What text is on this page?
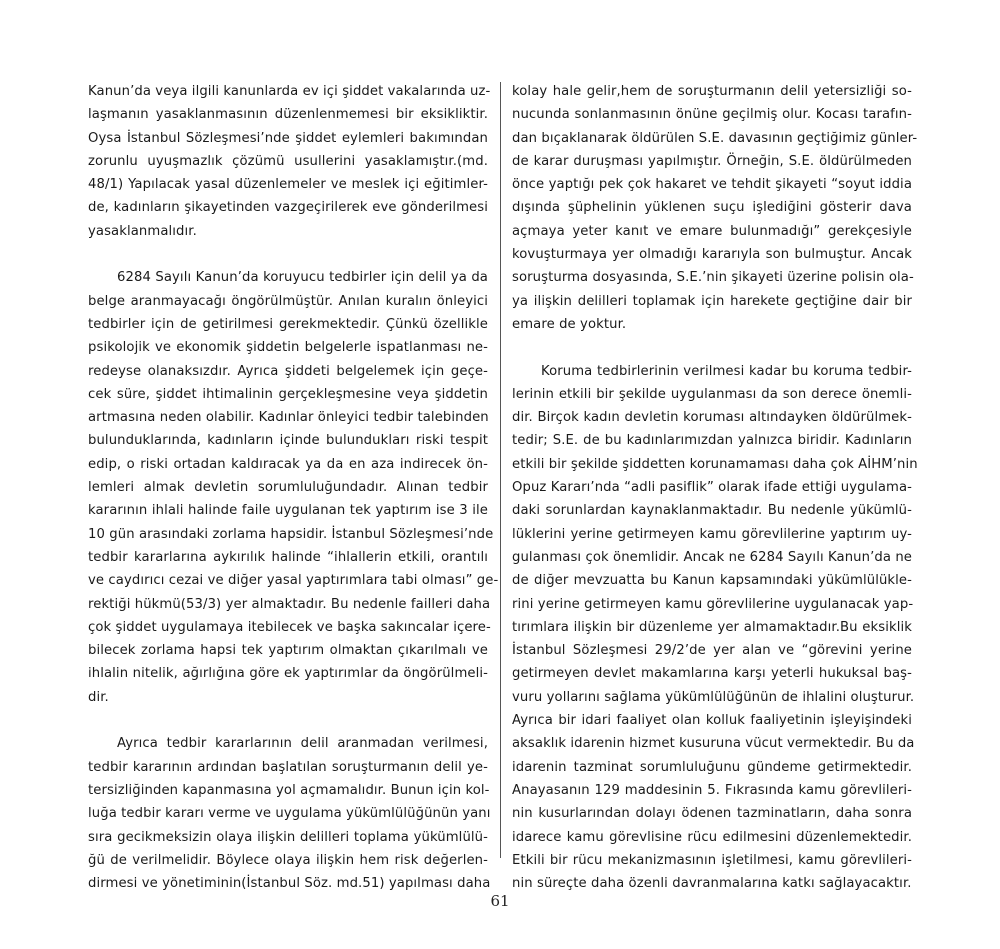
Kanun’da veya ilgili kanunlarda ev içi şiddet vakalarında uz-
laşmanın yasaklanmasının düzenlenmemesi bir eksikliktir.
Oysa İstanbul Sözleşmesi’nde şiddet eylemleri bakımından
zorunlu uyuşmazlık çözümü usullerini yasaklamıştır.(md.
48/1) Yapılacak yasal düzenlemeler ve meslek içi eğitimler-
de, kadınların şikayetinden vazgeçirilerek eve gönderilmesi
yasaklanmalıdır.
6284 Sayılı Kanun’da koruyucu tedbirler için delil ya da
belge aranmayacağı öngörülmüştür. Anılan kuralın önleyici
tedbirler için de getirilmesi gerekmektedir. Çünkü özellikle
psikolojik ve ekonomik şiddetin belgelerle ispatlanması ne-
redeyse olanaksızdır. Ayrıca şiddeti belgelemek için geçe-
cek süre, şiddet ihtimalinin gerçekleşmesine veya şiddetin
artmasına neden olabilir. Kadınlar önleyici tedbir talebinden
bulunduklarında, kadınların içinde bulundukları riski tespit
edip, o riski ortadan kaldıracak ya da en aza indirecek ön-
lemleri almak devletin sorumluluğundadır. Alınan tedbir
kararının ihlali halinde faile uygulanan tek yaptırım ise 3 ile
10 gün arasındaki zorlama hapsidir. İstanbul Sözleşmesi’nde
tedbir kararlarına aykırılık halinde “ihlallerin etkili, orantılı
ve caydırıcı cezai ve diğer yasal yaptırımlara tabi olması” ge-
rektiği hükmü(53/3) yer almaktadır. Bu nedenle failleri daha
çok şiddet uygulamaya itebilecek ve başka sakıncalar içere-
bilecek zorlama hapsi tek yaptırım olmaktan çıkarılmalı ve
ihlalin nitelik, ağırlığına göre ek yaptırımlar da öngörülmeli-
dir.
Ayrıca tedbir kararlarının delil aranmadan verilmesi,
tedbir kararının ardından başlatılan soruşturmanın delil ye-
tersizliğinden kapanmasına yol açmamalıdır. Bunun için kol-
luğa tedbir kararı verme ve uygulama yükümlülüğünün yanı
sıra gecikmeksizin olaya ilişkin delilleri toplama yükümlülü-
ğü de verilmelidir. Böylece olaya ilişkin hem risk değerlen-
dirmesi ve yönetiminin(İstanbul Söz. md.51) yapılması daha
kolay hale gelir,hem de soruşturmanın delil yetersizliği so-
nucunda sonlanmasının önüne geçilmiş olur. Kocası tarafın-
dan bıçaklanarak öldürülen S.E. davasının geçtiğimiz günler-
de karar duruşması yapılmıştır. Örneğin, S.E. öldürülmeden
önce yaptığı pek çok hakaret ve tehdit şikayeti “soyut iddia
dışında şüphelinin yüklenen suçu işlediğini gösterir dava
açmaya yeter kanıt ve emare bulunmadığı” gerekçesiyle
kovuşturmaya yer olmadığı kararıyla son bulmuştur. Ancak
soruşturma dosyasında, S.E.’nin şikayeti üzerine polisin ola-
ya ilişkin delilleri toplamak için harekete geçtiğine dair bir
emare de yoktur.
Koruma tedbirlerinin verilmesi kadar bu koruma tedbir-
lerinin etkili bir şekilde uygulanması da son derece önemli-
dir. Birçok kadın devletin koruması altındayken öldürülmek-
tedir; S.E. de bu kadınlarımızdan yalnızca biridir. Kadınların
etkili bir şekilde şiddetten korunamaması daha çok AİHM’nin
Opuz Kararı’nda “adli pasiflik” olarak ifade ettiği uygulama-
daki sorunlardan kaynaklanmaktadır. Bu nedenle yükümlü-
lüklerini yerine getirmeyen kamu görevlilerine yaptırım uy-
gulanması çok önemlidir. Ancak ne 6284 Sayılı Kanun’da ne
de diğer mevzuatta bu Kanun kapsamındaki yükümlülükle-
rini yerine getirmeyen kamu görevlilerine uygulanacak yap-
tırımlara ilişkin bir düzenleme yer almamaktadır.Bu eksiklik
İstanbul Sözleşmesi 29/2’de yer alan ve “görevini yerine
getirmeyen devlet makamlarına karşı yeterli hukuksal baş-
vuru yollarını sağlama yükümlülüğünün de ihlalini oluşturur.
Ayrıca bir idari faaliyet olan kolluk faaliyetinin işleyişindeki
aksaklık idarenin hizmet kusuruna vücut vermektedir. Bu da
idarenin tazminat sorumluluğunu gündeme getirmektedir.
Anayasanın 129 maddesinin 5. Fıkrasında kamu görevlileri-
nin kusurlarından dolayı ödenen tazminatların, daha sonra
idarece kamu görevlisine rücu edilmesini düzenlemektedir.
Etkili bir rücu mekanizmasının işletilmesi, kamu görevlileri-
nin süreçte daha özenli davranmalarına katkı sağlayacaktır.
61
